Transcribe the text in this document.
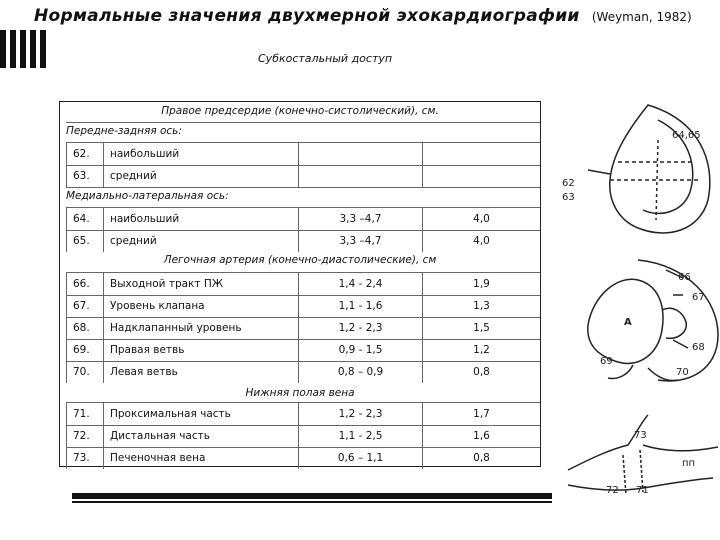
Нормальные значения двухмерной эхокардиографии (Weyman, 1982)
Субкостальный доступ
Правое предсердие (конечно-систолический), см.
Передне-задняя ось:
62.	наибольший
63.	средний
Медиально-латеральная ось:
64.	наибольший	3,3 –4,7	4,0
65.	средний	3,3 –4,7	4,0
Легочная артерия (конечно-диастолические), см
66.	Выходной тракт ПЖ	1,4 - 2,4	1,9
67.	Уровень клапана	1,1 - 1,6	1,3
68.	Надклапанный уровень	1,2 - 2,3	1,5
69.	Правая ветвь	0,9 - 1,5	1,2
70.	Левая ветвь	0,8 – 0,9	0,8
Нижняя полая вена
71.	Проксимальная часть	1,2 - 2,3	1,7
72.	Дистальная часть	1,1 - 2,5	1,6
73.	Печеночная вена	0,6 – 1,1	0,8
64,65
62
63
66
67
68
69
70
A
73
пп
72 71
